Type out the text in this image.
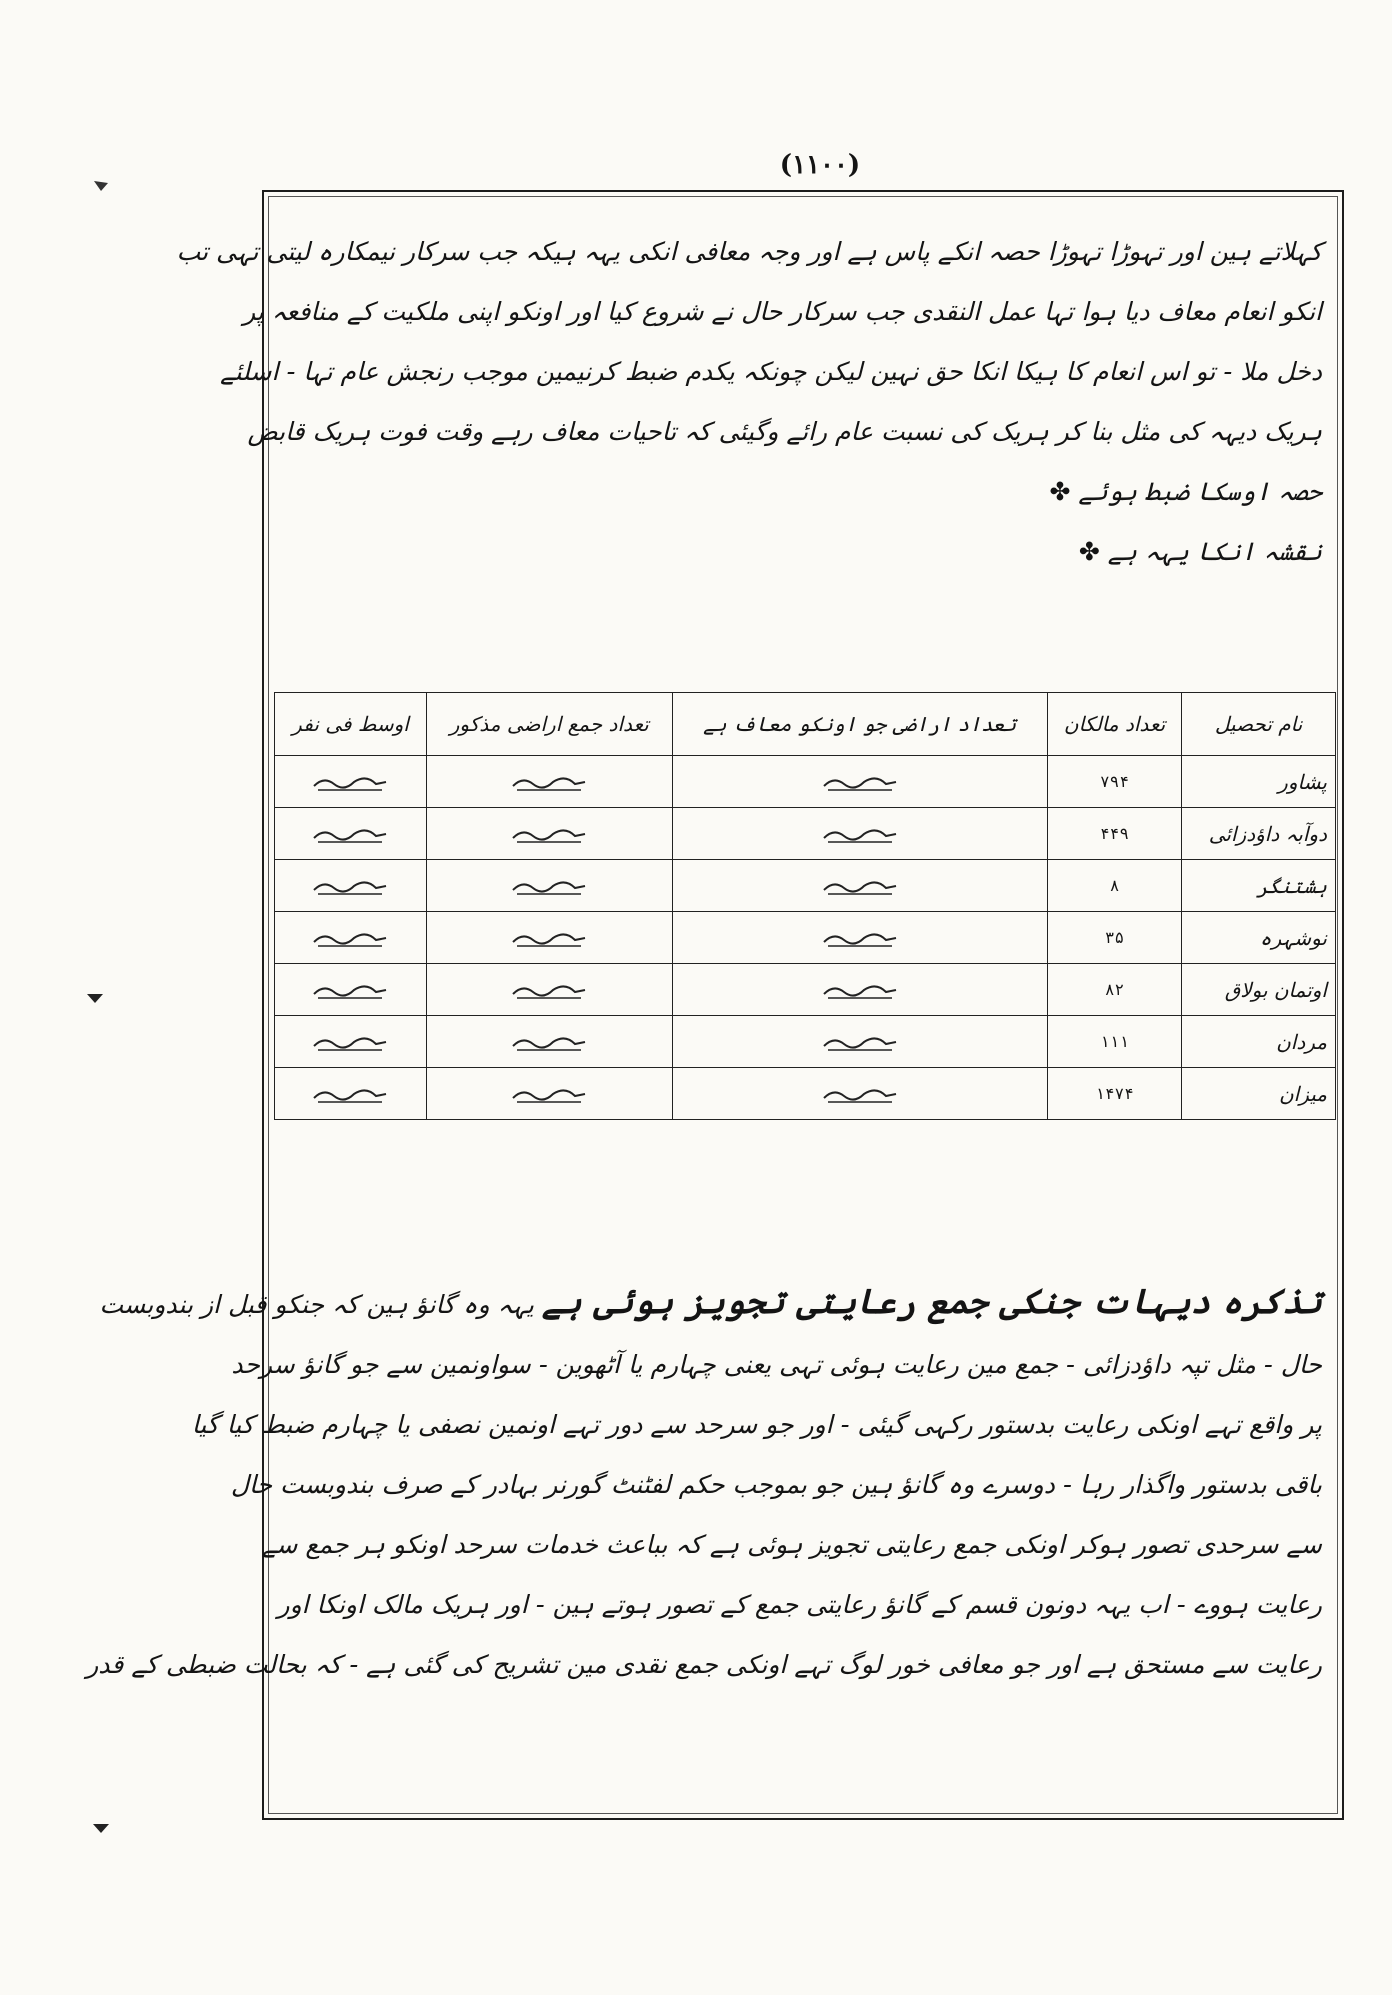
(۱۱۰۰)
کہلاتے ہین اور تہوڑا تہوڑا حصہ انکے پاس ہے اور وجہ معافی انکی یہہ ہیکہ جب سرکار نیمکارہ لیتی تہی تب
انکو انعام معاف دیا ہوا تہا عمل النقدی جب سرکار حال نے شروع کیا اور اونکو اپنی ملکیت کے منافعہ پر
دخل ملا - تو اس انعام کا ہیکا انکا حق نہین لیکن چونکہ یکدم ضبط کرنیمین موجب رنجش عام تہا - اسلئے
ہریک دیہہ کی مثل بنا کر ہریک کی نسبت عام رائے وگیئی کہ تاحیات معاف رہے وقت فوت ہریک قابض
حصہ اوسکا ضبط ہوئے ✤
نقشہ انکا یہہ ہے ✤
نام تحصیل	تعداد مالکان	تعداد اراضی جو اونکو معاف ہے	تعداد جمع اراضی مذکور	اوسط فی نفر
پشاور	۷۹۴			
دوآبہ داؤدزائی	۴۴۹			
ہشتنگر	۸			
نوشہرہ	۳۵			
اوتمان بولاق	۸۲			
مردان	۱۱۱			
میزان	۱۴۷۴			
تذکرہ دیہات جنکی جمع رعایتی تجویز ہوئی ہے یہہ وہ گانؤ ہین کہ جنکو قبل از بندوبست
حال - مثل تپہ داؤدزائی - جمع مین رعایت ہوئی تہی یعنی چہارم یا آٹھوین - سواونمین سے جو گانؤ سرحد
پر واقع تہے اونکی رعایت بدستور رکہی گیئی - اور جو سرحد سے دور تہے اونمین نصفی یا چہارم ضبط کیا گیا
باقی بدستور واگذار رہا - دوسرے وہ گانؤ ہین جو بموجب حکم لفٹنٹ گورنر بہادر کے صرف بندوبست حال
سے سرحدی تصور ہوکر اونکی جمع رعایتی تجویز ہوئی ہے کہ بباعث خدمات سرحد اونکو ہر جمع سے
رعایت ہووے - اب یہہ دونون قسم کے گانؤ رعایتی جمع کے تصور ہوتے ہین - اور ہریک مالک اونکا اور
رعایت سے مستحق ہے اور جو معافی خور لوگ تہے اونکی جمع نقدی مین تشریح کی گئی ہے - کہ بحالت ضبطی کے قدر
